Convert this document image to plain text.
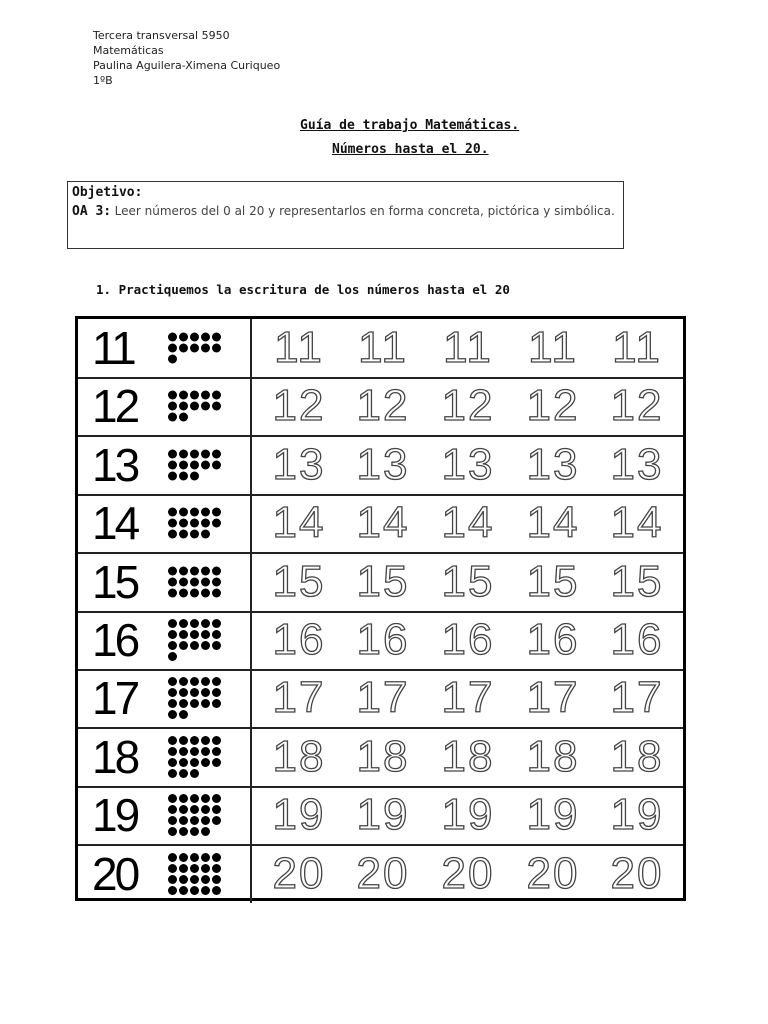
Tercera transversal 5950
Matemáticas
Paulina Aguilera-Ximena Curiqueo
1ºB
Guía de trabajo Matemáticas.
Números hasta el 20.
Objetivo:
OA 3: Leer números del 0 al 20 y representarlos en forma concreta, pictórica y simbólica.
1. Practiquemos la escritura de los números hasta el 20
11	11 11 11 11 11
12	12 12 12 12 12
13	13 13 13 13 13
14	14 14 14 14 14
15	15 15 15 15 15
16	16 16 16 16 16
17	17 17 17 17 17
18	18 18 18 18 18
19	19 19 19 19 19
20	20 20 20 20 20
